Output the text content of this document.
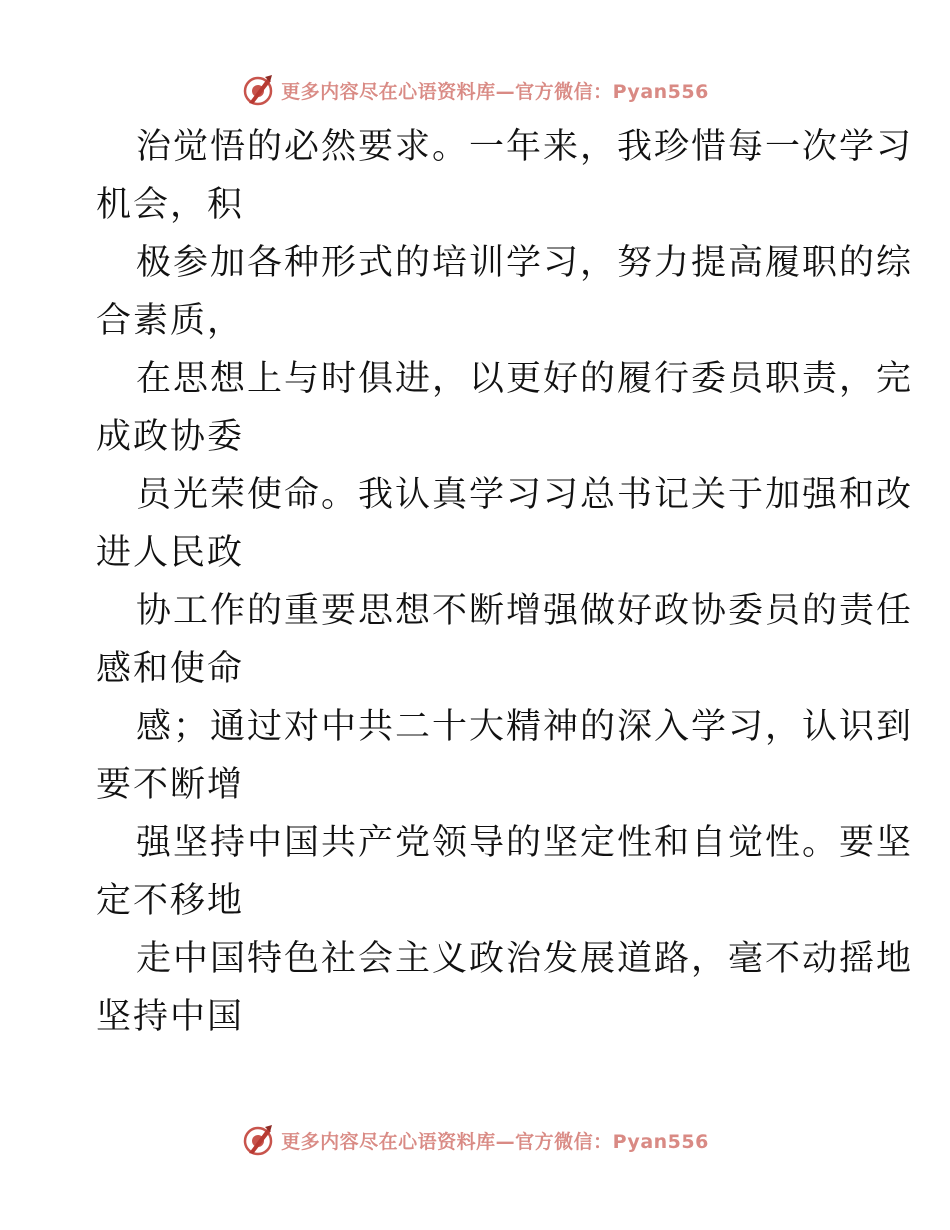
更多内容尽在心语资料库—官方微信：Pyan556
治觉悟的必然要求。一年来，我珍惜每一次学习
机会，积
极参加各种形式的培训学习，努力提高履职的综
合素质，
在思想上与时俱进，以更好的履行委员职责，完
成政协委
员光荣使命。我认真学习习总书记关于加强和改
进人民政
协工作的重要思想不断增强做好政协委员的责任
感和使命
感；通过对中共二十大精神的深入学习，认识到
要不断增
强坚持中国共产党领导的坚定性和自觉性。要坚
定不移地
走中国特色社会主义政治发展道路，毫不动摇地
坚持中国
更多内容尽在心语资料库—官方微信：Pyan556
